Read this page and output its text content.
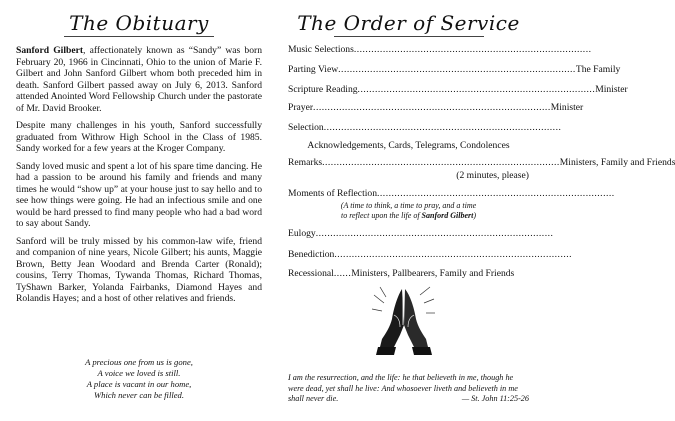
The Obituary

Sanford Gilbert, affectionately known as “Sandy” was born February 20, 1966 in Cincinnati, Ohio to the union of Marie F. Gilbert and John Sanford Gilbert whom both preceded him in death. Sanford Gilbert passed away on July 6, 2013. Sanford attended Anointed Word Fellowship Church under the pastorate of Mr. David Brooker.

Despite many challenges in his youth, Sanford successfully graduated from Withrow High School in the Class of 1985. Sandy worked for a few years at the Kroger Company.

Sandy loved music and spent a lot of his spare time dancing. He had a passion to be around his family and friends and many times he would “show up” at your house just to say hello and to see how things were going. He had an infectious smile and one would be hard pressed to find many people who had a bad word to say about Sandy.

Sanford will be truly missed by his common-law wife, friend and companion of nine years, Nicole Gilbert; his aunts, Maggie Brown, Betty Jean Woodard and Brenda Carter (Ronald); cousins, Terry Thomas, Tywanda Thomas, Richard Thomas, TyShawn Barker, Yolanda Fairbanks, Diamond Hayes and Rolandis Hayes; and a host of other relatives and friends.

A precious one from us is gone,
A voice we loved is still.
A place is vacant in our home,
Which never can be filled.
The Order of Service
Music Selections ..................................................................................
Parting View .................................................................................. The Family
Scripture Reading .................................................................................. Minister
Prayer .................................................................................. Minister
Selection ..................................................................................
Acknowledgements, Cards, Telegrams, Condolences
Remarks .................................................................................. Ministers, Family and Friends
(2 minutes, please)
Moments of Reflection ..................................................................................
(A time to think, a time to pray, and a time
to reflect upon the life of Sanford Gilbert)
Eulogy ..................................................................................
Benediction ..................................................................................
Recessional ...... Ministers, Pallbearers, Family and Friends
I am the resurrection, and the life: he that believeth in me, though he were dead, yet shall he live: And whosoever liveth and believeth in me shall never die.	— St. John 11:25-26
